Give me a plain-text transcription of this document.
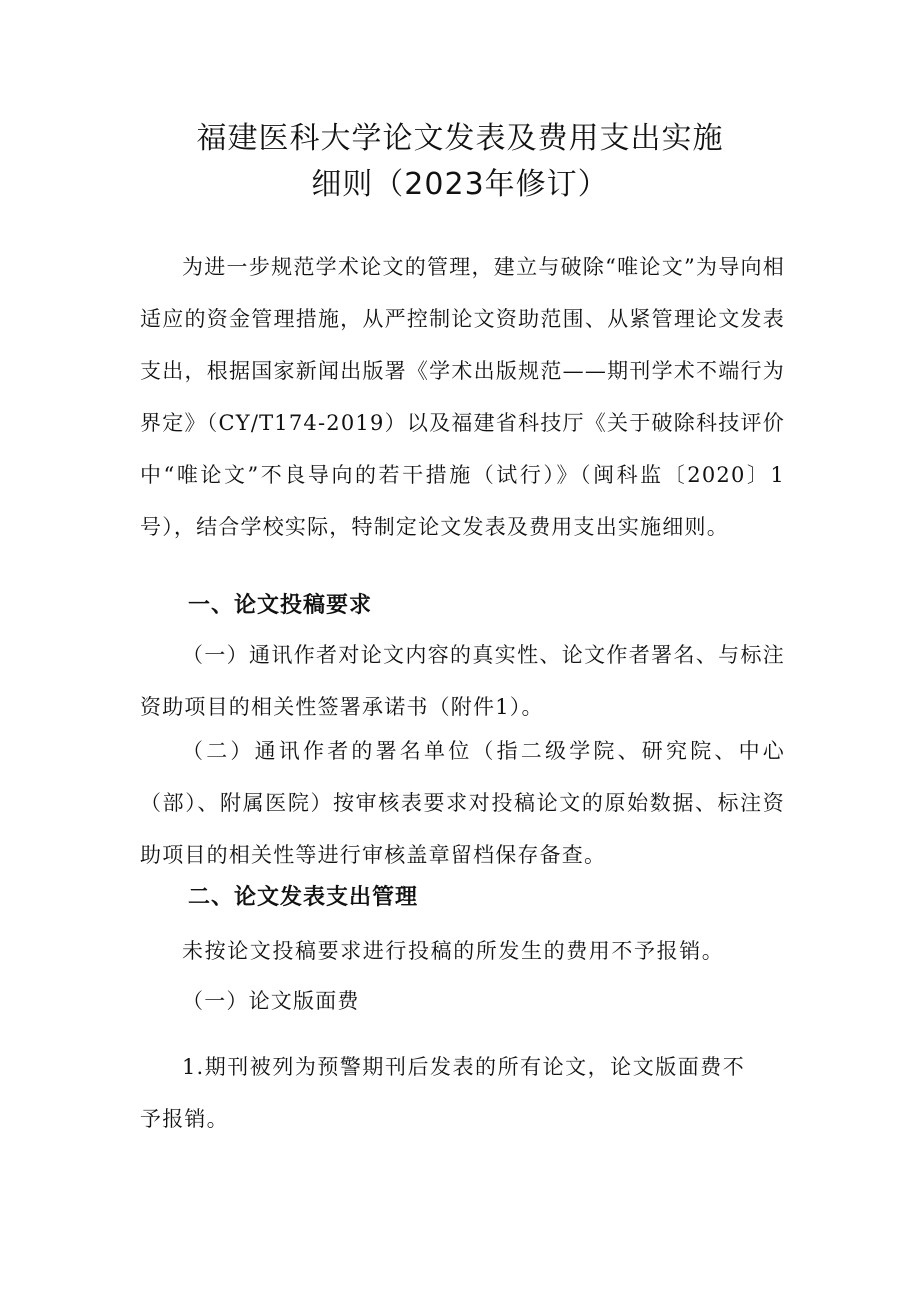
福建医科大学论文发表及费用支出实施
细则（2023年修订）
为进一步规范学术论文的管理，建立与破除“唯论文”为导向相适应的资金管理措施，从严控制论文资助范围、从紧管理论文发表支出，根据国家新闻出版署《学术出版规范——期刊学术不端行为界定》（CY/T174-2019）以及福建省科技厅《关于破除科技评价中“唯论文”不良导向的若干措施（试行）》（闽科监〔2020〕1号），结合学校实际，特制定论文发表及费用支出实施细则。
一、论文投稿要求
（一）通讯作者对论文内容的真实性、论文作者署名、与标注资助项目的相关性签署承诺书（附件1）。
（二）通讯作者的署名单位（指二级学院、研究院、中心（部）、附属医院）按审核表要求对投稿论文的原始数据、标注资助项目的相关性等进行审核盖章留档保存备查。
二、论文发表支出管理
未按论文投稿要求进行投稿的所发生的费用不予报销。
（一）论文版面费
1.期刊被列为预警期刊后发表的所有论文，论文版面费不予报销。
